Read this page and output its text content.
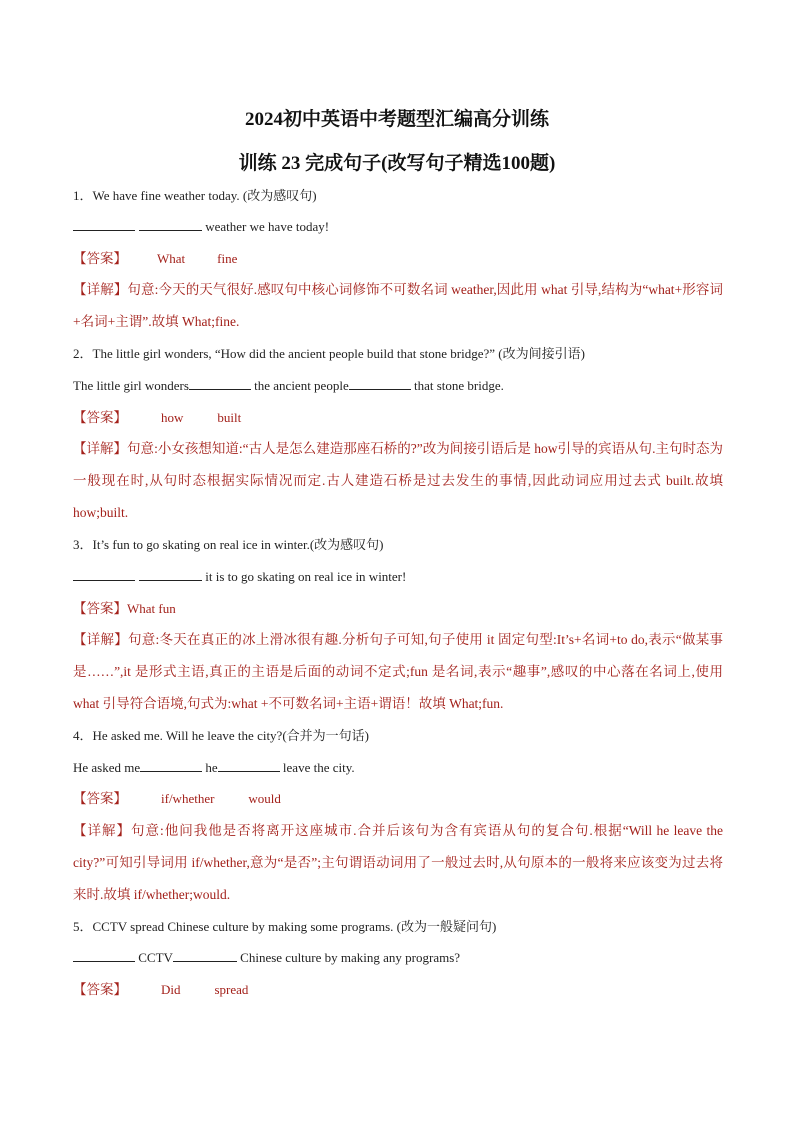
2024初中英语中考题型汇编高分训练
训练 23 完成句子(改写句子精选100题)
1．We have fine weather today. (改为感叹句)
weather we have today!
【答案】 What fine
【详解】句意:今天的天气很好.感叹句中核心词修饰不可数名词 weather,因此用 what 引导,结构为“what+形容词+名词+主谓”.故填 What;fine.
2．The little girl wonders, “How did the ancient people build that stone bridge?” (改为间接引语)
The little girl wonders	the ancient people	that stone bridge.
【答案】	how	built
【详解】句意:小女孩想知道:“古人是怎么建造那座石桥的?”改为间接引语后是 how引导的宾语从句.主句时态为一般现在时,从句时态根据实际情况而定.古人建造石桥是过去发生的事情,因此动词应用过去式 built.故填 how;built.
3．It’s fun to go skating on real ice in winter.(改为感叹句)
it is to go skating on real ice in winter!
【答案】What fun
【详解】句意:冬天在真正的冰上滑冰很有趣.分析句子可知,句子使用 it 固定句型:It’s+名词+to do,表示“做某事是……”,it 是形式主语,真正的主语是后面的动词不定式;fun 是名词,表示“趣事”,感叹的中心落在名词上,使用 what 引导符合语境,句式为:what +不可数名词+主语+谓语！故填 What;fun.
4．He asked me. Will he leave the city?(合并为一句话)
He asked me	he	leave the city.
【答案】	if/whether	would
【详解】句意:他问我他是否将离开这座城市.合并后该句为含有宾语从句的复合句.根据“Will he leave the city?”可知引导词用 if/whether,意为“是否”;主句谓语动词用了一般过去时,从句原本的一般将来应该变为过去将来时.故填 if/whether;would.
5．CCTV spread Chinese culture by making some programs. (改为一般疑问句)
CCTV	Chinese culture by making any programs?
【答案】	Did	spread
